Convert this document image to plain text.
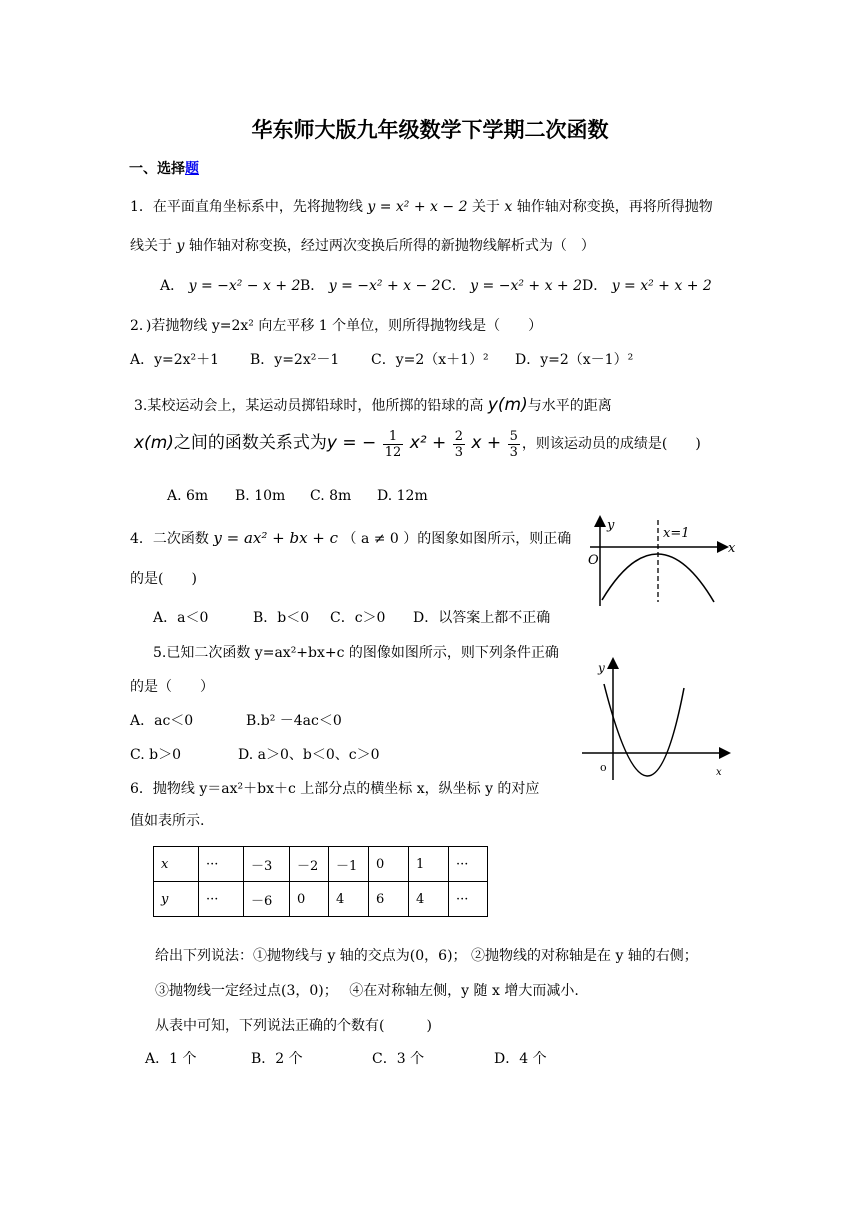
华东师大版九年级数学下学期二次函数
一、选择题
1．在平面直角坐标系中，先将抛物线 y = x² + x − 2 关于 x 轴作轴对称变换，再将所得抛物
线关于 y 轴作轴对称变换，经过两次变换后所得的新抛物线解析式为（　）
A． y = −x² − x + 2 B． y = −x² + x − 2 C． y = −x² + x + 2 D． y = x² + x + 2
2．)若抛物线 y=2x² 向左平移 1 个单位，则所得抛物线是（　　）
A．y=2x²＋1 B．y=2x²－1 C．y=2（x＋1）² D．y=2（x－1）²
3.某校运动会上，某运动员掷铅球时，他所掷的铅球的高 y(m)与水平的距离
x(m)之间的函数关系式为y = − $\frac{1}{12} x^2 + \frac{2}{3}$ $x + \frac{5}{3}$ ，则该运动员的成绩是(　　)
A. 6m B. 10m C. 8m D. 12m
4．二次函数 y = ax² + bx + c （ a ≠ 0 ）的图象如图所示，则正确
的是(　　)
A．a＜0	B．b＜0 C．c＞0 D．以答案上都不正确
y
x
O
x=1
5.已知二次函数 y=ax²+bx+c 的图像如图所示，则下列条件正确
的是（　　）
A．ac＜0	B.b² －4ac＜0
C. b＞0	D. a＞0、b＜0、c＞0
y
x
o
6．抛物线 y＝ax²＋bx＋c 上部分点的横坐标 x，纵坐标 y 的对应
值如表所示.
x	···	－3	－2	－1	0	1	···
y	···	－6	0	4	6	4	···
给出下列说法：①抛物线与 y 轴的交点为(0，6)； ②抛物线的对称轴是在 y 轴的右侧；
③抛物线一定经过点(3，0)；　 ④在对称轴左侧，y 随 x 增大而减小.
从表中可知，下列说法正确的个数有(　　　)
A．1 个	B．2 个	C．3 个	D．4 个
